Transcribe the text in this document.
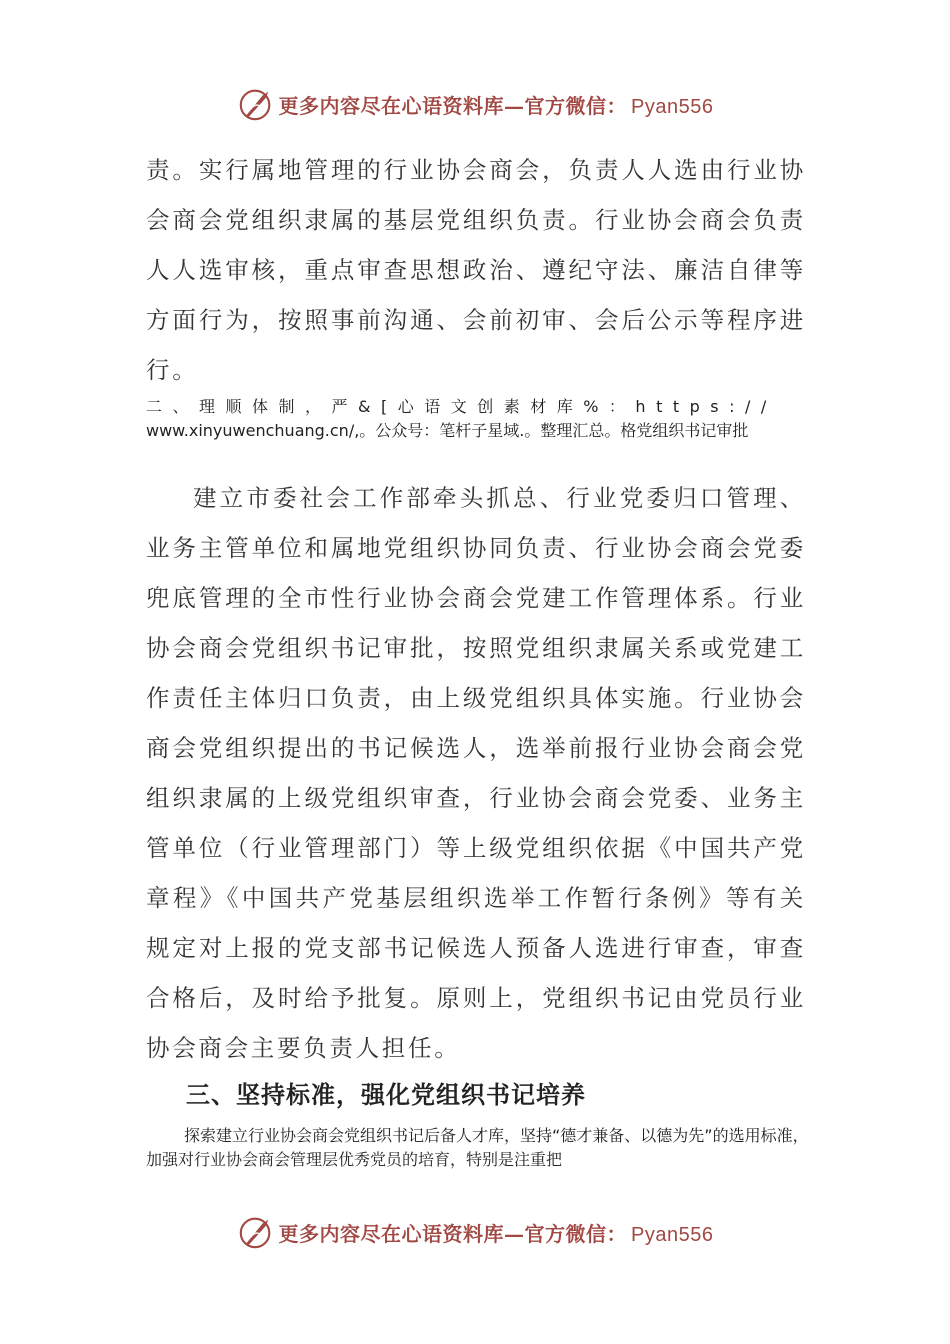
更多内容尽在心语资料库—官方微信： Pyan556

责。实行属地管理的行业协会商会，负责人人选由行业协会商会党组织隶属的基层党组织负责。行业协会商会负责人人选审核，重点审查思想政治、遵纪守法、廉洁自律等方面行为，按照事前沟通、会前初审、会后公示等程序进行。

二、理顺体制，严&[心语文创素材库%：https://
www.xinyuwenchuang.cn/,。公众号：笔杆子星域.。整理汇总。格党组织书记审批

建立市委社会工作部牵头抓总、行业党委归口管理、业务主管单位和属地党组织协同负责、行业协会商会党委兜底管理的全市性行业协会商会党建工作管理体系。行业协会商会党组织书记审批，按照党组织隶属关系或党建工作责任主体归口负责，由上级党组织具体实施。行业协会商会党组织提出的书记候选人，选举前报行业协会商会党组织隶属的上级党组织审查，行业协会商会党委、业务主管单位（行业管理部门）等上级党组织依据《中国共产党章程》《中国共产党基层组织选举工作暂行条例》等有关规定对上报的党支部书记候选人预备人选进行审查，审查合格后，及时给予批复。原则上，党组织书记由党员行业协会商会主要负责人担任。

三、坚持标准，强化党组织书记培养
探索建立行业协会商会党组织书记后备人才库，坚持“德才兼备、以德为先”的选用标准，加强对行业协会商会管理层优秀党员的培育，特别是注重把
更多内容尽在心语资料库—官方微信： Pyan556
